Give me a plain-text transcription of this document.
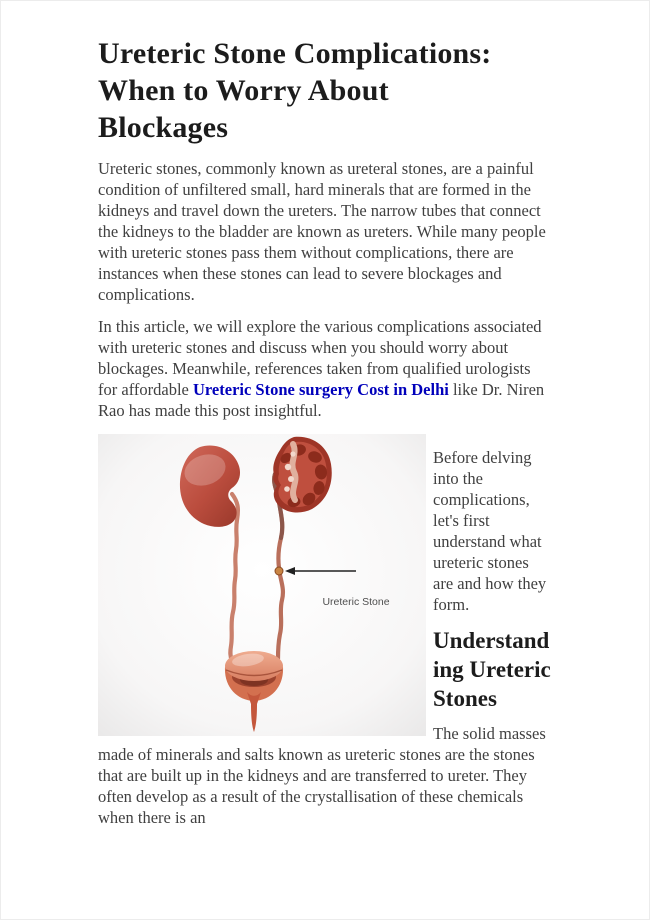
Ureteric Stone Complications:
When to Worry About
Blockages

Ureteric stones, commonly known as ureteral stones, are a painful condition of unfiltered small, hard minerals that are formed in the kidneys and travel down the ureters. The narrow tubes that connect the kidneys to the bladder are known as ureters. While many people with ureteric stones pass them without complications, there are instances when these stones can lead to severe blockages and complications.

In this article, we will explore the various complications associated with ureteric stones and discuss when you should worry about blockages. Meanwhile, references taken from qualified urologists for affordable Ureteric Stone surgery Cost in Delhi like Dr. Niren Rao has made this post insightful.

Ureteric Stone

Before delving into the complications, let's first understand what ureteric stones are and how they form.

Understanding Ureteric Stones

The solid masses made of minerals and salts known as ureteric stones are the stones that are built up in the kidneys and are transferred to ureter. They often develop as a result of the crystallisation of these chemicals when there is an
